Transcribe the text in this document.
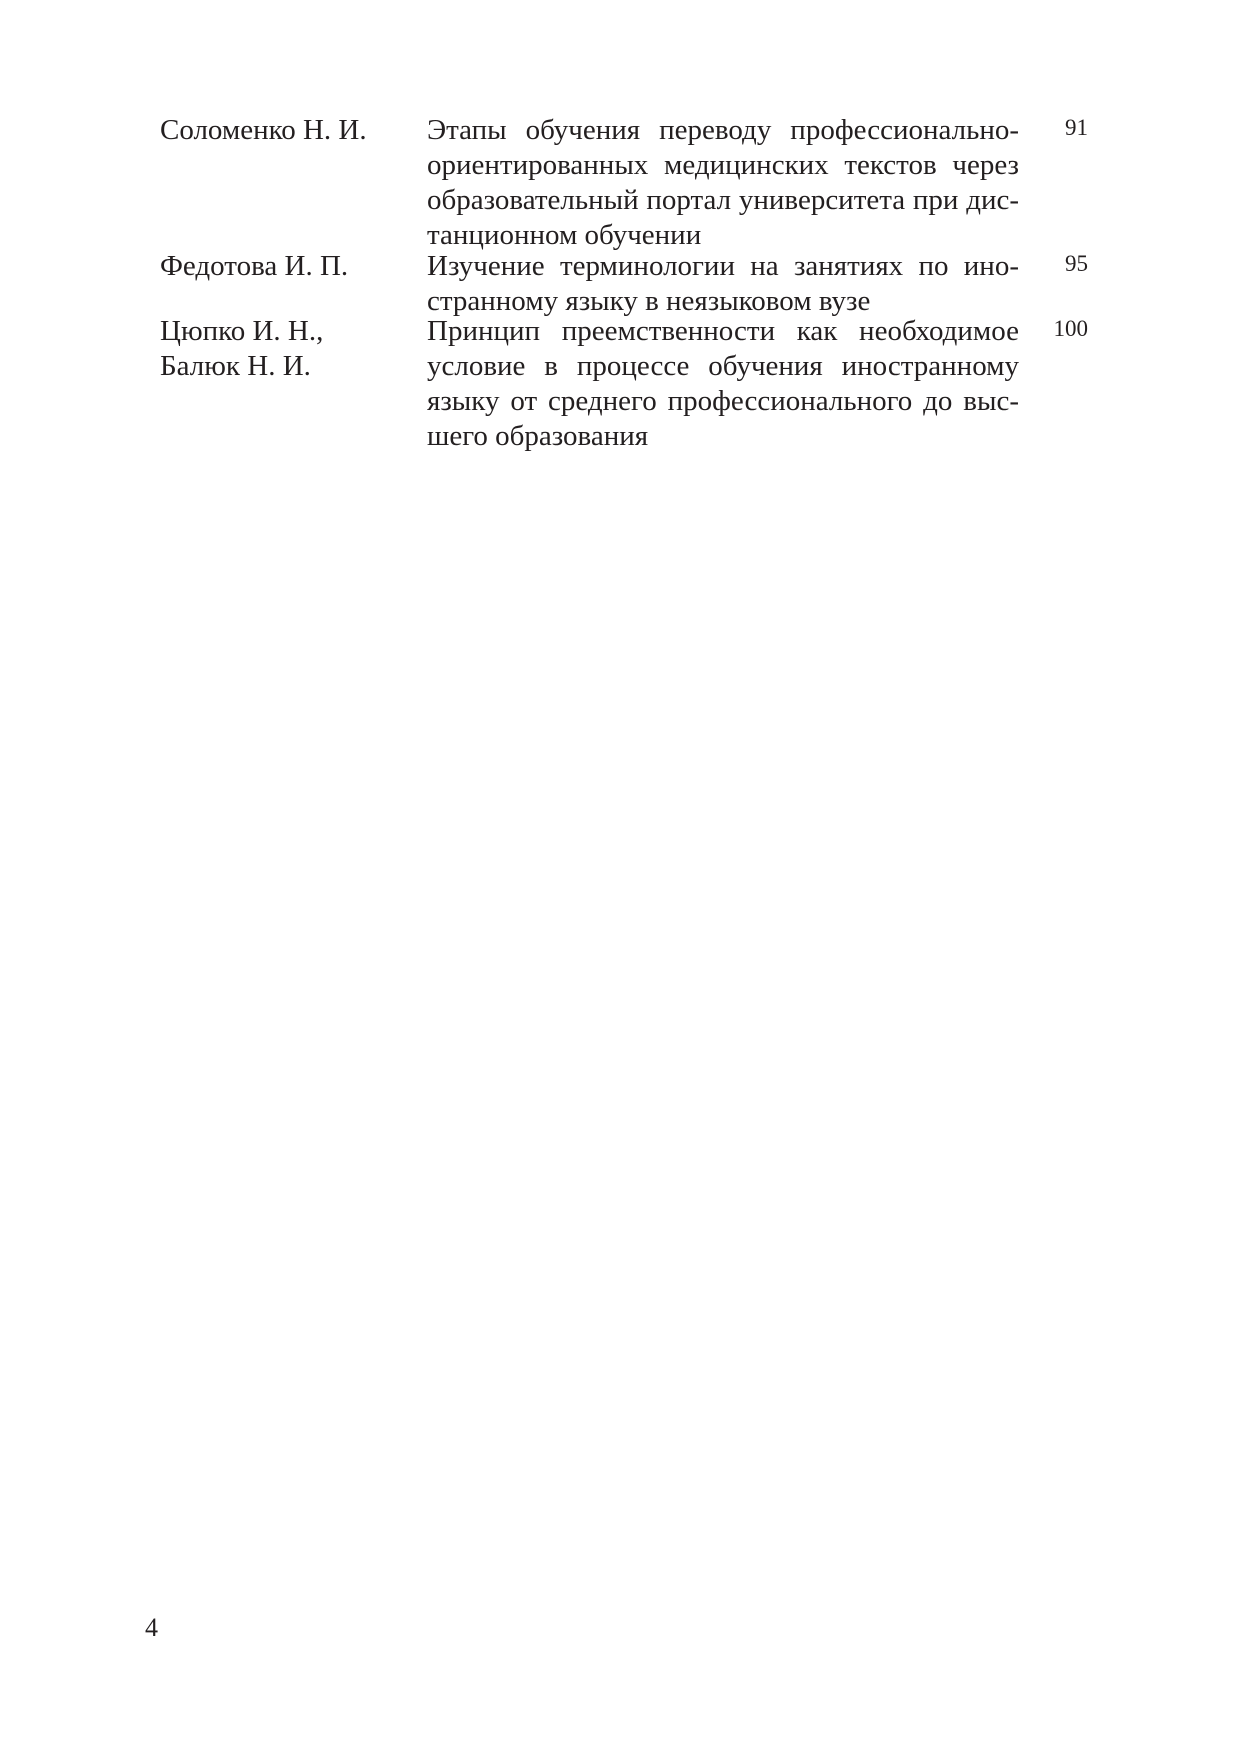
Соломенко Н. И.	Этапы обучения переводу профессионально-
ориентированных медицинских текстов через
образовательный портал университета при дис-
танционном обучении
91
Федотова И. П.	Изучение терминологии на занятиях по ино-
странному языку в неязыковом вузе
95
Цюпко И. Н.,
Балюк Н. И.
Принцип преемственности как необходимое
условие в процессе обучения иностранному
языку от среднего профессионального до выс-
шего образования
100
4
